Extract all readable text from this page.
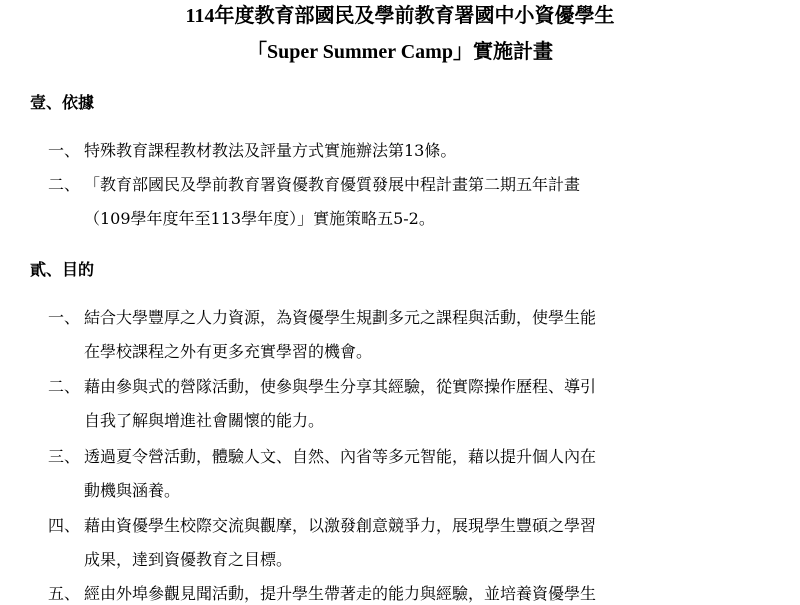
114年度教育部國民及學前教育署國中小資優學生
「Super Summer Camp」實施計畫
壹、依據
一、 特殊教育課程教材教法及評量方式實施辦法第13條。
二、 「教育部國民及學前教育署資優教育優質發展中程計畫第二期五年計畫
（109學年度年至113學年度）」實施策略五5-2。
貳、目的
一、 結合大學豐厚之人力資源，為資優學生規劃多元之課程與活動，使學生能
在學校課程之外有更多充實學習的機會。
二、 藉由參與式的營隊活動，使參與學生分享其經驗，從實際操作歷程、導引
自我了解與增進社會關懷的能力。
三、 透過夏令營活動，體驗人文、自然、內省等多元智能，藉以提升個人內在
動機與涵養。
四、 藉由資優學生校際交流與觀摩，以激發創意競爭力，展現學生豐碩之學習
成果，達到資優教育之目標。
五、 經由外埠參觀見聞活動，提升學生帶著走的能力與經驗，並培養資優學生
